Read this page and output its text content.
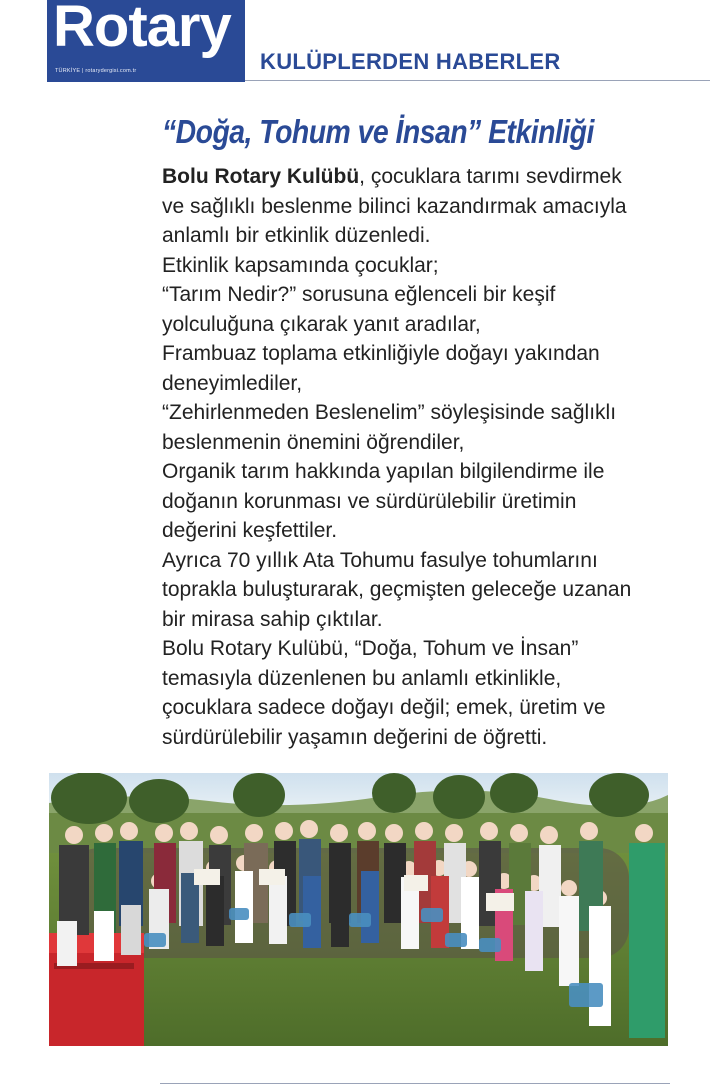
Rotary	dergisi
TÜRKİYE | rotarydergisi.com.tr	KULÜPLERDEN HABERLER
“Doğa, Tohum ve İnsan” Etkinliği
Bolu Rotary Kulübü, çocuklara tarımı sevdirmek
ve sağlıklı beslenme bilinci kazandırmak amacıyla
anlamlı bir etkinlik düzenledi.
Etkinlik kapsamında çocuklar;
“Tarım Nedir?” sorusuna eğlenceli bir keşif
yolculuğuna çıkarak yanıt aradılar,
Frambuaz toplama etkinliğiyle doğayı yakından
deneyimlediler,
“Zehirlenmeden Beslenelim” söyleşisinde sağlıklı
beslenmenin önemini öğrendiler,
Organik tarım hakkında yapılan bilgilendirme ile
doğanın korunması ve sürdürülebilir üretimin
değerini keşfettiler.
Ayrıca 70 yıllık Ata Tohumu fasulye tohumlarını
toprakla buluşturarak, geçmişten geleceğe uzanan
bir mirasa sahip çıktılar.
Bolu Rotary Kulübü, “Doğa, Tohum ve İnsan”
temasıyla düzenlenen bu anlamlı etkinlikle,
çocuklara sadece doğayı değil; emek, üretim ve
sürdürülebilir yaşamın değerini de öğretti.
